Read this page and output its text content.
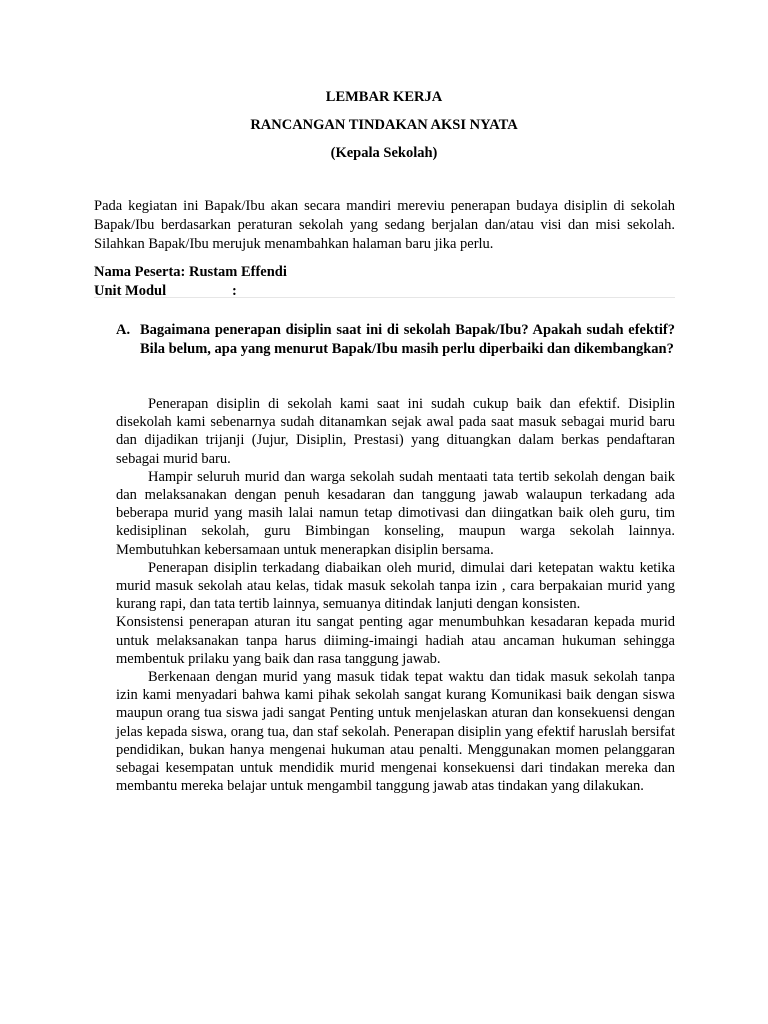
LEMBAR KERJA
RANCANGAN TINDAKAN AKSI NYATA
(Kepala Sekolah)

Pada kegiatan ini Bapak/Ibu akan secara mandiri mereviu penerapan budaya disiplin di sekolah Bapak/Ibu berdasarkan peraturan sekolah yang sedang berjalan dan/atau visi dan misi sekolah. Silahkan Bapak/Ibu merujuk menambahkan halaman baru jika perlu.

Nama Peserta: Rustam Effendi
Unit Modul	:
A. Bagaimana penerapan disiplin saat ini di sekolah Bapak/Ibu? Apakah sudah efektif? Bila belum, apa yang menurut Bapak/Ibu masih perlu diperbaiki dan dikembangkan?

Penerapan disiplin di sekolah kami saat ini sudah cukup baik dan efektif. Disiplin disekolah kami sebenarnya sudah ditanamkan sejak awal pada saat masuk sebagai murid baru dan dijadikan trijanji (Jujur, Disiplin, Prestasi) yang dituangkan dalam berkas pendaftaran sebagai murid baru.

Hampir seluruh murid dan warga sekolah sudah mentaati tata tertib sekolah dengan baik dan melaksanakan dengan penuh kesadaran dan tanggung jawab walaupun terkadang ada beberapa murid yang masih lalai namun tetap dimotivasi dan diingatkan baik oleh guru, tim kedisiplinan sekolah, guru Bimbingan konseling, maupun warga sekolah lainnya. Membutuhkan kebersamaan untuk menerapkan disiplin bersama.

Penerapan disiplin terkadang diabaikan oleh murid, dimulai dari ketepatan waktu ketika murid masuk sekolah atau kelas, tidak masuk sekolah tanpa izin , cara berpakaian murid yang kurang rapi, dan tata tertib lainnya, semuanya ditindak lanjuti dengan konsisten.

Konsistensi penerapan aturan itu sangat penting agar menumbuhkan kesadaran kepada murid untuk melaksanakan tanpa harus diiming-imaingi hadiah atau ancaman hukuman sehingga membentuk prilaku yang baik dan rasa tanggung jawab.

Berkenaan dengan murid yang masuk tidak tepat waktu dan tidak masuk sekolah tanpa izin kami menyadari bahwa kami pihak sekolah sangat kurang Komunikasi baik dengan siswa maupun orang tua siswa jadi sangat Penting untuk menjelaskan aturan dan konsekuensi dengan jelas kepada siswa, orang tua, dan staf sekolah. Penerapan disiplin yang efektif haruslah bersifat pendidikan, bukan hanya mengenai hukuman atau penalti. Menggunakan momen pelanggaran sebagai kesempatan untuk mendidik murid mengenai konsekuensi dari tindakan mereka dan membantu mereka belajar untuk mengambil tanggung jawab atas tindakan yang dilakukan.
